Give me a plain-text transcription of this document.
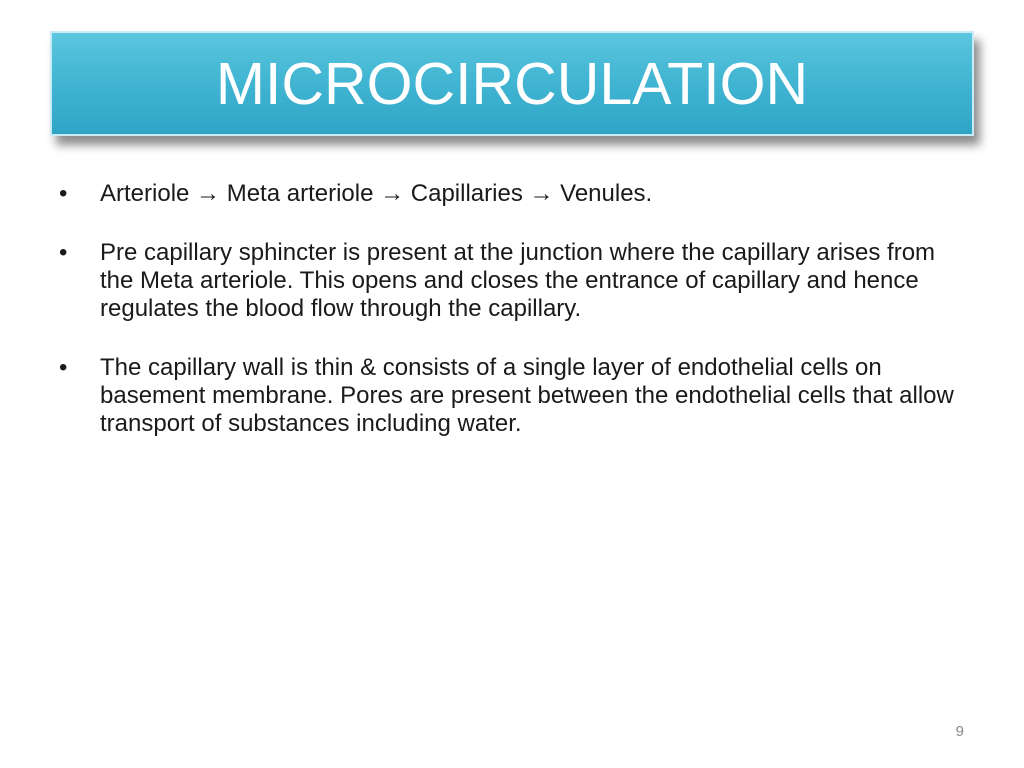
MICROCIRCULATION
• Arteriole → Meta arteriole → Capillaries → Venules.
• Pre capillary sphincter is present at the junction where the capillary arises from the Meta arteriole. This opens and closes the entrance of capillary and hence regulates the blood flow through the capillary.
• The capillary wall is thin & consists of a single layer of endothelial cells on basement membrane. Pores are present between the endothelial cells that allow transport of substances including water.
9
